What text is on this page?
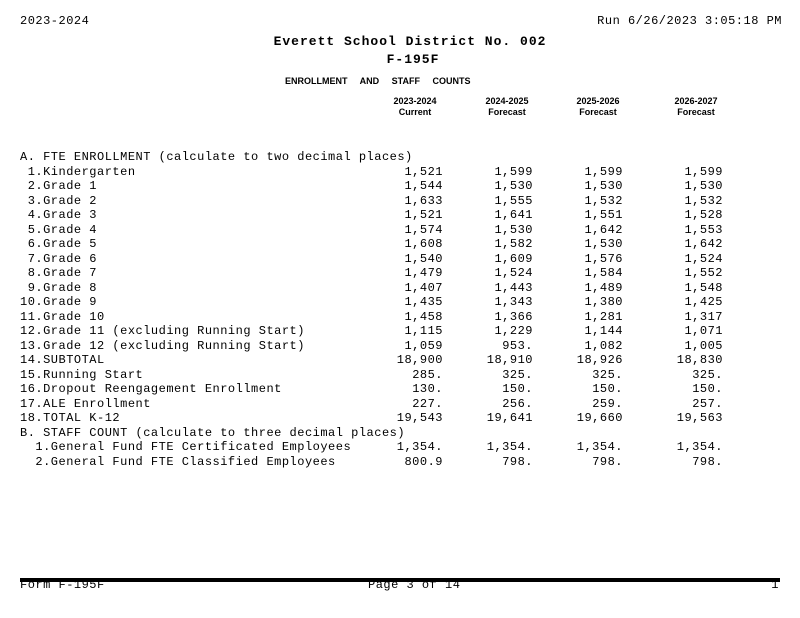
2023-2024	Run 6/26/2023 3:05:18 PM
Everett School District No. 002
F-195F
ENROLLMENT AND STAFF COUNTS
2023-2024
Current
2024-2025
Forecast
2025-2026
Forecast
2026-2027
Forecast
A. FTE ENROLLMENT (calculate to two decimal places)
1.Kindergarten	1,521	1,599	1,599	1,599
2.Grade 1	1,544	1,530	1,530	1,530
3.Grade 2	1,633	1,555	1,532	1,532
4.Grade 3	1,521	1,641	1,551	1,528
5.Grade 4	1,574	1,530	1,642	1,553
6.Grade 5	1,608	1,582	1,530	1,642
7.Grade 6	1,540	1,609	1,576	1,524
8.Grade 7	1,479	1,524	1,584	1,552
9.Grade 8	1,407	1,443	1,489	1,548
10.Grade 9	1,435	1,343	1,380	1,425
11.Grade 10	1,458	1,366	1,281	1,317
12.Grade 11 (excluding Running Start)	1,115	1,229	1,144	1,071
13.Grade 12 (excluding Running Start)	1,059	953.	1,082	1,005
14.SUBTOTAL	18,900	18,910	18,926	18,830
15.Running Start	285.	325.	325.	325.
16.Dropout Reengagement Enrollment	130.	150.	150.	150.
17.ALE Enrollment	227.	256.	259.	257.
18.TOTAL K-12	19,543	19,641	19,660	19,563
B. STAFF COUNT (calculate to three decimal places)
1.General Fund FTE Certificated Employees	1,354.	1,354.	1,354.	1,354.
2.General Fund FTE Classified Employees	800.9	798.	798.	798.
Form F-195F	Page 3 of 14	1
